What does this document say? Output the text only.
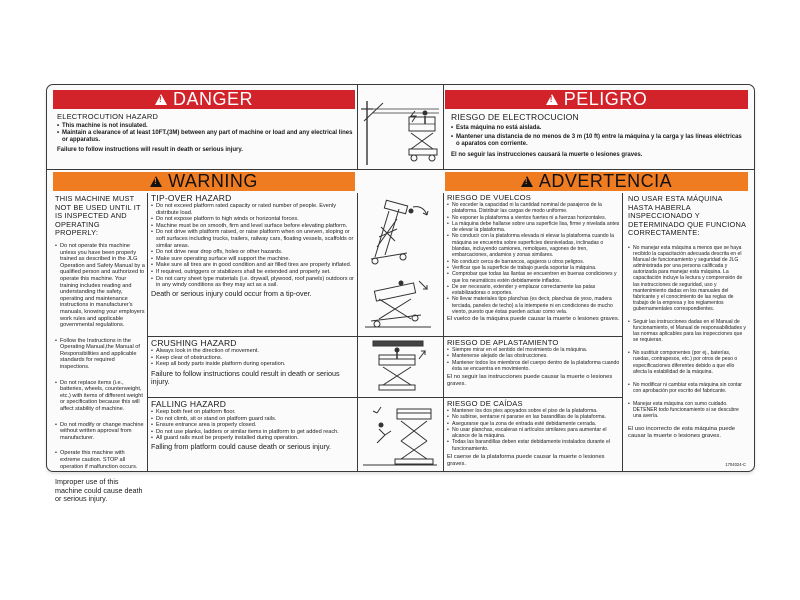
! DANGER	! PELIGRO
ELECTROCUTION HAZARD
• This machine is not insulated.
• Maintain a clearance of at least 10FT.(3M) between any part of machine or load and any electrical lines or apparatus.
Failure to follow instructions will result in death or serious injury.
RIESGO DE ELECTROCUCION
• Esta máquina no está aislada.
• Mantener una distancia de no menos de 3 m (10 ft) entre la máquina y la carga y las líneas eléctricas o aparatos con corriente.
El no seguir las instrucciones causará la muerte o lesiones graves.
! WARNING	! ADVERTENCIA
THIS MACHINE MUST NOT BE USED UNTIL IT IS INSPECTED AND OPERATING PROPERLY:

• Do not operate this machine unless you have been properly trained as described in the JLG Operation and Safety Manual by a qualified person and authorized to operate this machine. Your training includes reading and understanding the safety, operating and maintenance instructions in manufacturer's manuals, knowing your employers work rules and applicable governmental regulations.

• Follow the Instructions in the Operating Manual,the Manual of Responsibilities and applicable standards for required inspections.

• Do not replace items (i.e., batteries, wheels, counterweight, etc.) with items of different weight or specification because this will affect stability of machine.

• Do not modify or change machine without written approval from manufacturer.

• Operate this machine with extreme caution. STOP all operation if malfunction occurs.

Improper use of this machine could cause death or serious injury.
TIP-OVER HAZARD
• Do not exceed platform rated capacity or rated number of people. Evenly distribute load.
• Do not expose platform to high winds or horizontal forces.
• Machine must be on smooth, firm and level surface before elevating platform.
• Do not drive with platform raised, or raise platform when on uneven, sloping or soft surfaces including trucks, trailers, railway cars, floating vessels, scaffolds or similar areas.
• Do not drive near drop offs, holes or other hazards.
• Make sure operating surface will support the machine.
• Make sure all tires are in good condition and air filled tires are properly inflated.
• If required, outriggers or stabilizers shall be extended and properly set.
• Do not carry sheet type materials (i.e. drywall, plywood, roof panels) outdoors or in any windy conditions as they may act as a sail.
Death or serious injury could occur from a tip-over.
CRUSHING HAZARD
• Always look in the direction of movement.
• Keep clear of obstructions.
• Keep all body parts inside platform during operation.
Failure to follow instructions could result in death or serious injury.
FALLING HAZARD
• Keep both feet on platform floor.
• Do not climb, sit or stand on platform guard rails.
• Ensure entrance area is properly closed.
• Do not use planks, ladders or similar items in platform to get added reach.
• All guard rails must be properly installed during operation.
Falling from platform could cause death or serious injury.
RIESGO DE VUELCOS
• No exceder la capacidad ni la cantidad nominal de pasajeros de la plataforma. Distribuir las cargas de modo uniforme.
• No exponer la plataforma a vientos fuertes ni a fuerzas horizontales.
• La máquina debe hallarse sobre una superficie lisa, firme y nivelada antes de elevar la plataforma.
• No conducir con la plataforma elevada ni elevar la plataforma cuando la máquina se encuentra sobre superficies desniveladas, inclinadas o blandas, incluyendo camiones, remolques, vagones de tren, embarcaciones, andamios y zonas similares.
• No conducir cerca de barrancos, agujeros u otros peligros.
• Verificar que la superficie de trabajo pueda soportar la máquina.
• Comprobar que todas las llantas se encuentren en buenas condiciones y que los neumáticos estén debidamente inflados.
• De ser necesario, extender y emplazar correctamente las patas estabilizadoras o soportes.
• No llevar materiales tipo planchas (es decir, planchas de yeso, madera terciada, paneles de techo) a la intemperie ni en condiciones de mucho viento, puesto que éstas pueden actuar como vela.
El vuelco de la máquina puede causar la muerte o lesiones graves.
RIESGO DE APLASTAMIENTO
• Siempre mirar en el sentido del movimiento de la máquina.
• Mantenerse alejado de las obstrucciones.
• Mantener todos los miembros del cuerpo dentro de la plataforma cuando ésta se encuentra en movimiento.
El no seguir las instrucciones puede causar la muerte o lesiones graves.
RIESGO DE CAÍDAS
• Mantener los dos pies apoyados sobre el piso de la plataforma.
• No subirse, sentarse ni pararse en las barandillas de la plataforma.
• Asegurarse que la zona de entrada esté debidamente cerrada.
• No usar planchas, escaleras ni artículos similares para aumentar el alcance de la máquina.
• Todas las barandillas deben estar debidamente instalados durante el funcionamiento.
El caerse de la plataforma puede causar la muerte o lesiones graves.
NO USAR ESTA MÁQUINA HASTA HABERLA INSPECCIONADO Y DETERMINADO QUE FUNCIONA CORRECTAMENTE:

• No manejar esta máquina a menos que se haya recibido la capacitación adecuada descrita en el Manual de funcionamiento y seguridad de JLG administrada por una persona calificada y autorizada para manejar esta máquina. La capacitación incluye la lectura y comprensión de las instrucciones de seguridad, uso y mantenimiento dadas en los manuales del fabricante y el conocimiento de las reglas de trabajo de la empresa y los reglamentos gubernamentales correspondientes.

• Seguir las instrucciones dadas en el Manual de funcionamiento, el Manual de responsabilidades y las normas aplicables para las inspecciones que se requieran.

• No sustituir componentes (por ej., baterías, ruedas, contrapesos, etc.) por otros de peso o especificaciones diferentes debido a que ello afecta la estabilidad de la máquina.

• No modificar ni cambiar esta máquina sin contar con aprobación por escrito del fabricante.

• Manejar esta máquina con sumo cuidado. DETENER todo funcionamiento si se descubre una avería.

El uso incorrecto de esta máquina puede causar la muerte o lesiones graves.
1704024-C
